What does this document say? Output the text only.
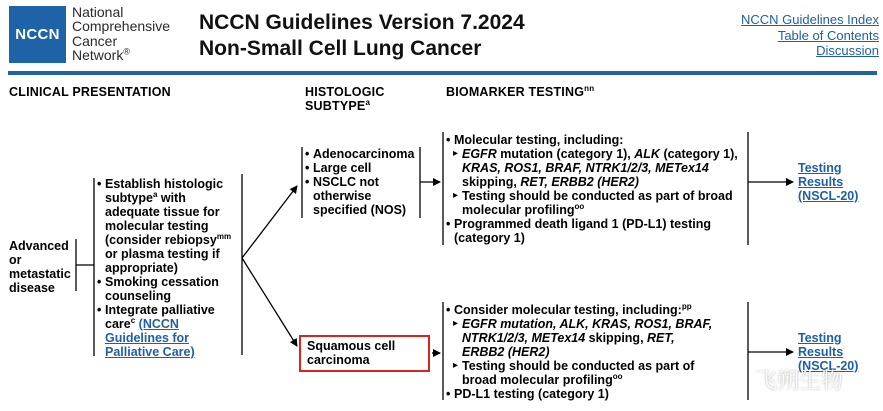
NCCN
National
Comprehensive
Cancer
Network®
NCCN Guidelines Version 7.2024
Non-Small Cell Lung Cancer
NCCN Guidelines Index
Table of Contents
Discussion
CLINICAL PRESENTATION	HISTOLOGIC
SUBTYPE$^a$
BIOMARKER $TESTING^{nn}$
Advanced
or
metastatic
disease
• Establish histologic
subtype$^a$ with
adequate tissue for
molecular testing
(consider rebiopsy$^{mm}$
or plasma testing if
appropriate)
• Smoking cessation
counseling
• Integrate palliative
care$^c$ (NCCN
Guidelines for
Palliative Care)
• Adenocarcinoma
• Large cell
• NSCLC not
otherwise
specified (NOS)
Squamous cell
carcinoma
• Molecular testing, including:
▸ EGFR mutation (category 1), ALK (category 1),
KRAS, ROS1, BRAF, NTRK1/2/3, METex14
skipping, RET, ERBB2 (HER2)
▸ Testing should be conducted as part of broad
molecular profiling$^{oo}$
• Programmed death ligand 1 (PD-L1) testing
(category 1)
• Consider molecular testing, including:$^{pp}$
▸ EGFR mutation, ALK, KRAS, ROS1, BRAF,
NTRK1/2/3, METex14 skipping, RET,
ERBB2 (HER2)
▸ Testing should be conducted as part of
broad molecular profiling$^{oo}$
• PD-L1 testing (category 1)
Testing
Results
(NSCL-20)
Testing
Results
(NSCL-20)
飞朔生物
